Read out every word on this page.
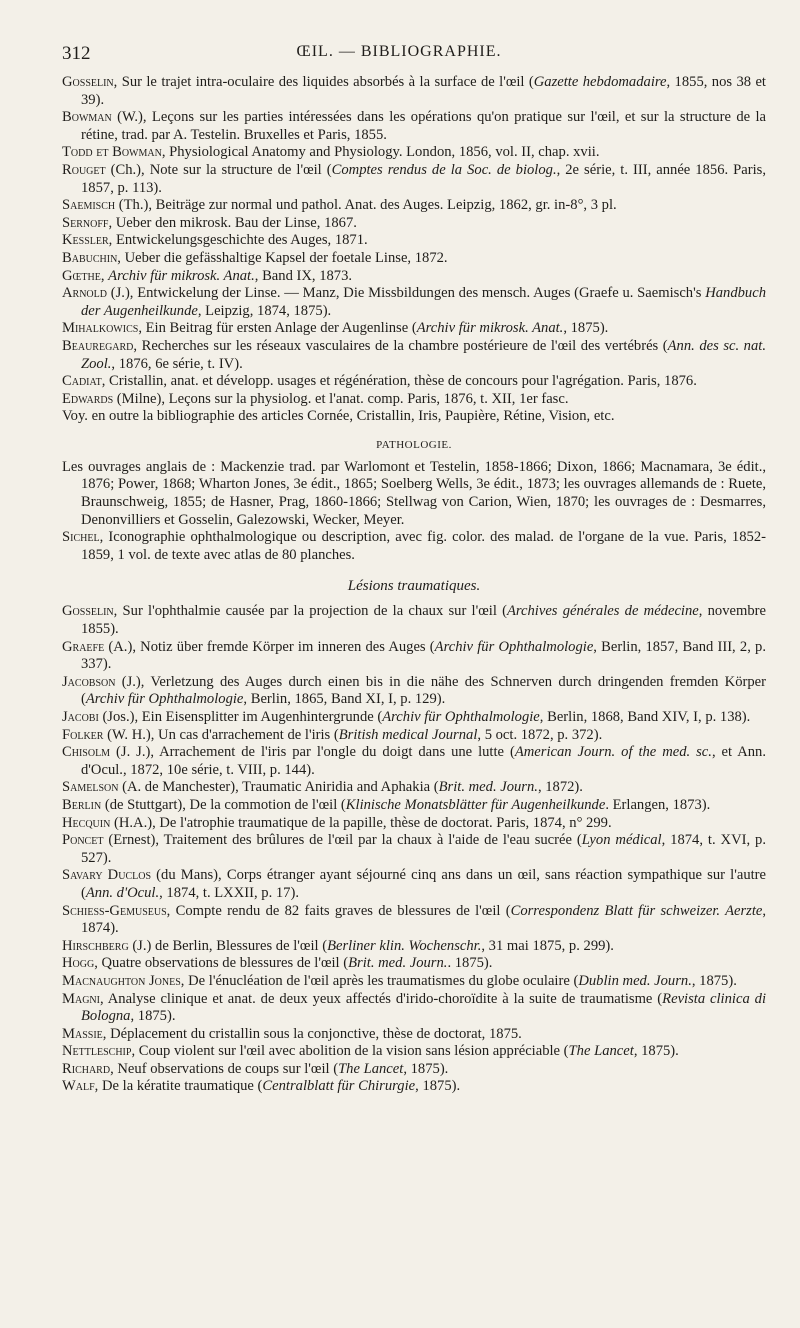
312	ŒIL. — BIBLIOGRAPHIE.
Gosselin, Sur le trajet intra-oculaire des liquides absorbés à la surface de l'œil (Gazette hebdomadaire, 1855, nos 38 et 39).
Bowman (W.), Leçons sur les parties intéressées dans les opérations qu'on pratique sur l'œil, et sur la structure de la rétine, trad. par A. Testelin. Bruxelles et Paris, 1855.
Todd et Bowman, Physiological Anatomy and Physiology. London, 1856, vol. II, chap. xvii.
Rouget (Ch.), Note sur la structure de l'œil (Comptes rendus de la Soc. de biolog., 2e série, t. III, année 1856. Paris, 1857, p. 113).
Saemisch (Th.), Beiträge zur normal und pathol. Anat. des Auges. Leipzig, 1862, gr. in-8°, 3 pl.
Sernoff, Ueber den mikrosk. Bau der Linse, 1867.
Kessler, Entwickelungsgeschichte des Auges, 1871.
Babuchin, Ueber die gefässhaltige Kapsel der foetale Linse, 1872.
Gœthe, Archiv für mikrosk. Anat., Band IX, 1873.
Arnold (J.), Entwickelung der Linse. — Manz, Die Missbildungen des mensch. Auges (Graefe u. Saemisch's Handbuch der Augenheilkunde, Leipzig, 1874, 1875).
Mihalkowics, Ein Beitrag für ersten Anlage der Augenlinse (Archiv für mikrosk. Anat., 1875).
Beauregard, Recherches sur les réseaux vasculaires de la chambre postérieure de l'œil des vertébrés (Ann. des sc. nat. Zool., 1876, 6e série, t. IV).
Cadiat, Cristallin, anat. et développ. usages et régénération, thèse de concours pour l'agrégation. Paris, 1876.
Edwards (Milne), Leçons sur la physiolog. et l'anat. comp. Paris, 1876, t. XII, 1er fasc.
Voy. en outre la bibliographie des articles Cornée, Cristallin, Iris, Paupière, Rétine, Vision, etc.
PATHOLOGIE.
Les ouvrages anglais de : Mackenzie trad. par Warlomont et Testelin, 1858-1866; Dixon, 1866; Macnamara, 3e édit., 1876; Power, 1868; Wharton Jones, 3e édit., 1865; Soelberg Wells, 3e édit., 1873; les ouvrages allemands de : Ruete, Braunschweig, 1855; de Hasner, Prag, 1860-1866; Stellwag von Carion, Wien, 1870; les ouvrages de : Desmarres, Denonvilliers et Gosselin, Galezowski, Wecker, Meyer.
Sichel, Iconographie ophthalmologique ou description, avec fig. color. des malad. de l'organe de la vue. Paris, 1852-1859, 1 vol. de texte avec atlas de 80 planches.
Lésions traumatiques.
Gosselin, Sur l'ophthalmie causée par la projection de la chaux sur l'œil (Archives générales de médecine, novembre 1855).
Graefe (A.), Notiz über fremde Körper im inneren des Auges (Archiv für Ophthalmologie, Berlin, 1857, Band III, 2, p. 337).
Jacobson (J.), Verletzung des Auges durch einen bis in die nähe des Schnerven durch dringenden fremden Körper (Archiv für Ophthalmologie, Berlin, 1865, Band XI, I, p. 129).
Jacobi (Jos.), Ein Eisensplitter im Augenhintergrunde (Archiv für Ophthalmologie, Berlin, 1868, Band XIV, I, p. 138).
Folker (W. H.), Un cas d'arrachement de l'iris (British medical Journal, 5 oct. 1872, p. 372).
Chisolm (J. J.), Arrachement de l'iris par l'ongle du doigt dans une lutte (American Journ. of the med. sc., et Ann. d'Ocul., 1872, 10e série, t. VIII, p. 144).
Samelson (A. de Manchester), Traumatic Aniridia and Aphakia (Brit. med. Journ., 1872).
Berlin (de Stuttgart), De la commotion de l'œil (Klinische Monatsblätter für Augenheilkunde. Erlangen, 1873).
Hecquin (H.A.), De l'atrophie traumatique de la papille, thèse de doctorat. Paris, 1874, n° 299.
Poncet (Ernest), Traitement des brûlures de l'œil par la chaux à l'aide de l'eau sucrée (Lyon médical, 1874, t. XVI, p. 527).
Savary Duclos (du Mans), Corps étranger ayant séjourné cinq ans dans un œil, sans réaction sympathique sur l'autre (Ann. d'Ocul., 1874, t. LXXII, p. 17).
Schiess-Gemuseus, Compte rendu de 82 faits graves de blessures de l'œil (Correspondenz Blatt für schweizer. Aerzte, 1874).
Hirschberg (J.) de Berlin, Blessures de l'œil (Berliner klin. Wochenschr., 31 mai 1875, p. 299).
Hogg, Quatre observations de blessures de l'œil (Brit. med. Journ.. 1875).
Macnaughton Jones, De l'énucléation de l'œil après les traumatismes du globe oculaire (Dublin med. Journ., 1875).
Magni, Analyse clinique et anat. de deux yeux affectés d'irido-choroïdite à la suite de traumatisme (Revista clinica di Bologna, 1875).
Massie, Déplacement du cristallin sous la conjonctive, thèse de doctorat, 1875.
Nettleschip, Coup violent sur l'œil avec abolition de la vision sans lésion appréciable (The Lancet, 1875).
Richard, Neuf observations de coups sur l'œil (The Lancet, 1875).
Walf, De la kératite traumatique (Centralblatt für Chirurgie, 1875).
